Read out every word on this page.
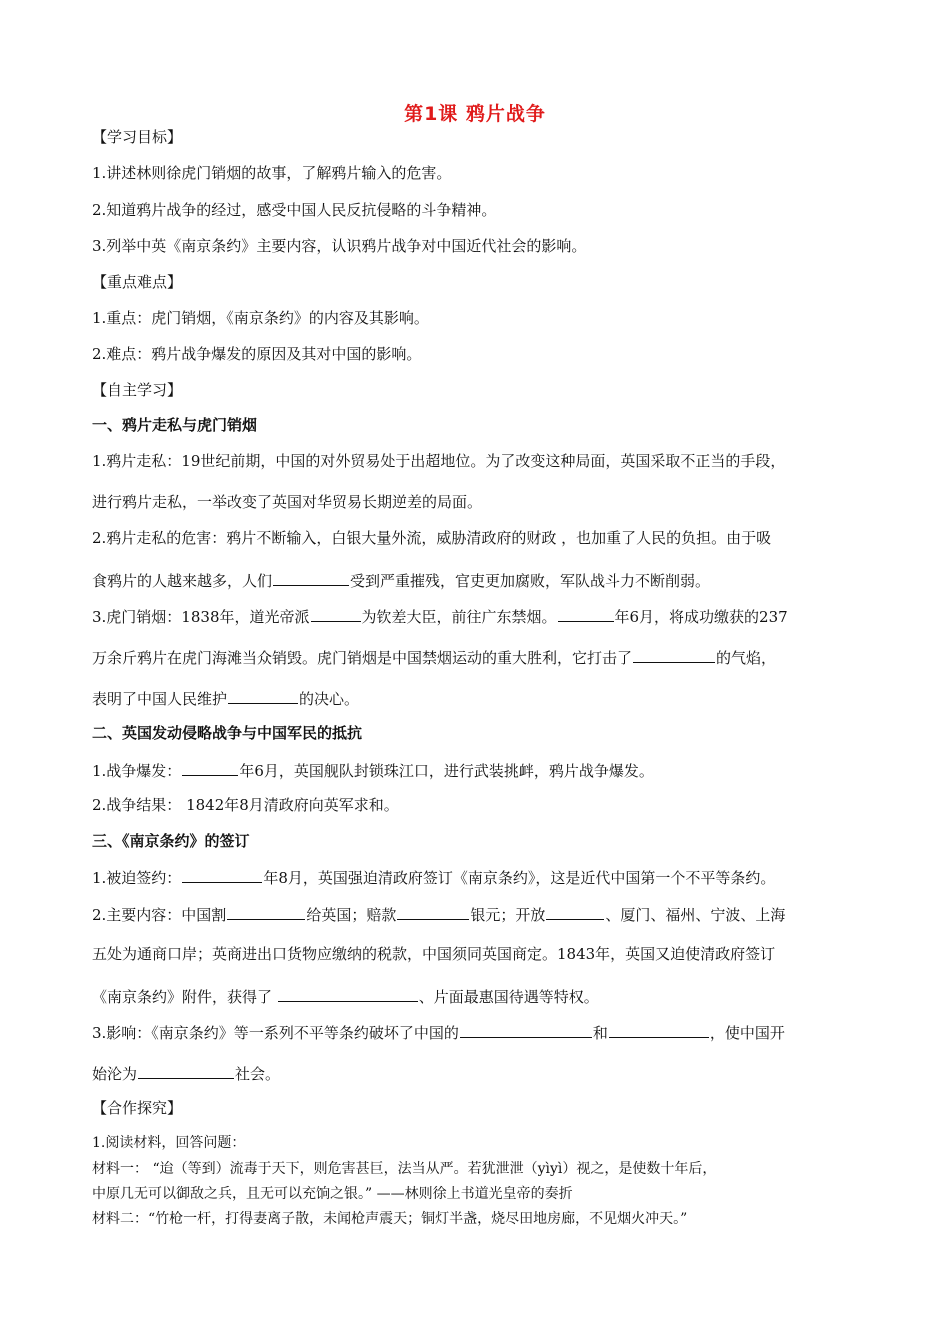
第1课 鸦片战争
【学习目标】
1.讲述林则徐虎门销烟的故事，了解鸦片输入的危害。
2.知道鸦片战争的经过，感受中国人民反抗侵略的斗争精神。
3.列举中英《南京条约》主要内容，认识鸦片战争对中国近代社会的影响。
【重点难点】
1.重点：虎门销烟，《南京条约》的内容及其影响。
2.难点：鸦片战争爆发的原因及其对中国的影响。
【自主学习】
一、鸦片走私与虎门销烟
1.鸦片走私：19世纪前期，中国的对外贸易处于出超地位。为了改变这种局面，英国采取不正当的手段，
进行鸦片走私，一举改变了英国对华贸易长期逆差的局面。
2.鸦片走私的危害：鸦片不断输入，白银大量外流，威胁清政府的财政 ，也加重了人民的负担。由于吸
食鸦片的人越来越多，人们	受到严重摧残，官吏更加腐败，军队战斗力不断削弱。
3.虎门销烟：1838年，道光帝派	为钦差大臣，前往广东禁烟。	年6月，将成功缴获的237
万余斤鸦片在虎门海滩当众销毁。虎门销烟是中国禁烟运动的重大胜利，它打击了	的气焰，
表明了中国人民维护	的决心。
二、英国发动侵略战争与中国军民的抵抗
1.战争爆发：	年6月，英国舰队封锁珠江口，进行武装挑衅，鸦片战争爆发。
2.战争结果： 1842年8月清政府向英军求和。
三、《南京条约》的签订
1.被迫签约：	年8月，英国强迫清政府签订《南京条约》，这是近代中国第一个不平等条约。
2.主要内容：中国割	给英国；赔款	银元；开放	、厦门、福州、宁波、上海
五处为通商口岸；英商进出口货物应缴纳的税款，中国须同英国商定。1843年，英国又迫使清政府签订
《南京条约》附件，获得了	、片面最惠国待遇等特权。
3.影响：《南京条约》等一系列不平等条约破坏了中国的	和	，使中国开
始沦为	社会。
【合作探究】
1.阅读材料，回答问题：
材料一： “迨（等到）流毒于天下，则危害甚巨，法当从严。若犹泄泄（yìyì）视之，是使数十年后，
中原几无可以御敌之兵，且无可以充饷之银。” ——林则徐上书道光皇帝的奏折
材料二：“竹枪一杆，打得妻离子散，未闻枪声震天；铜灯半盏，烧尽田地房廊，不见烟火冲天。”
